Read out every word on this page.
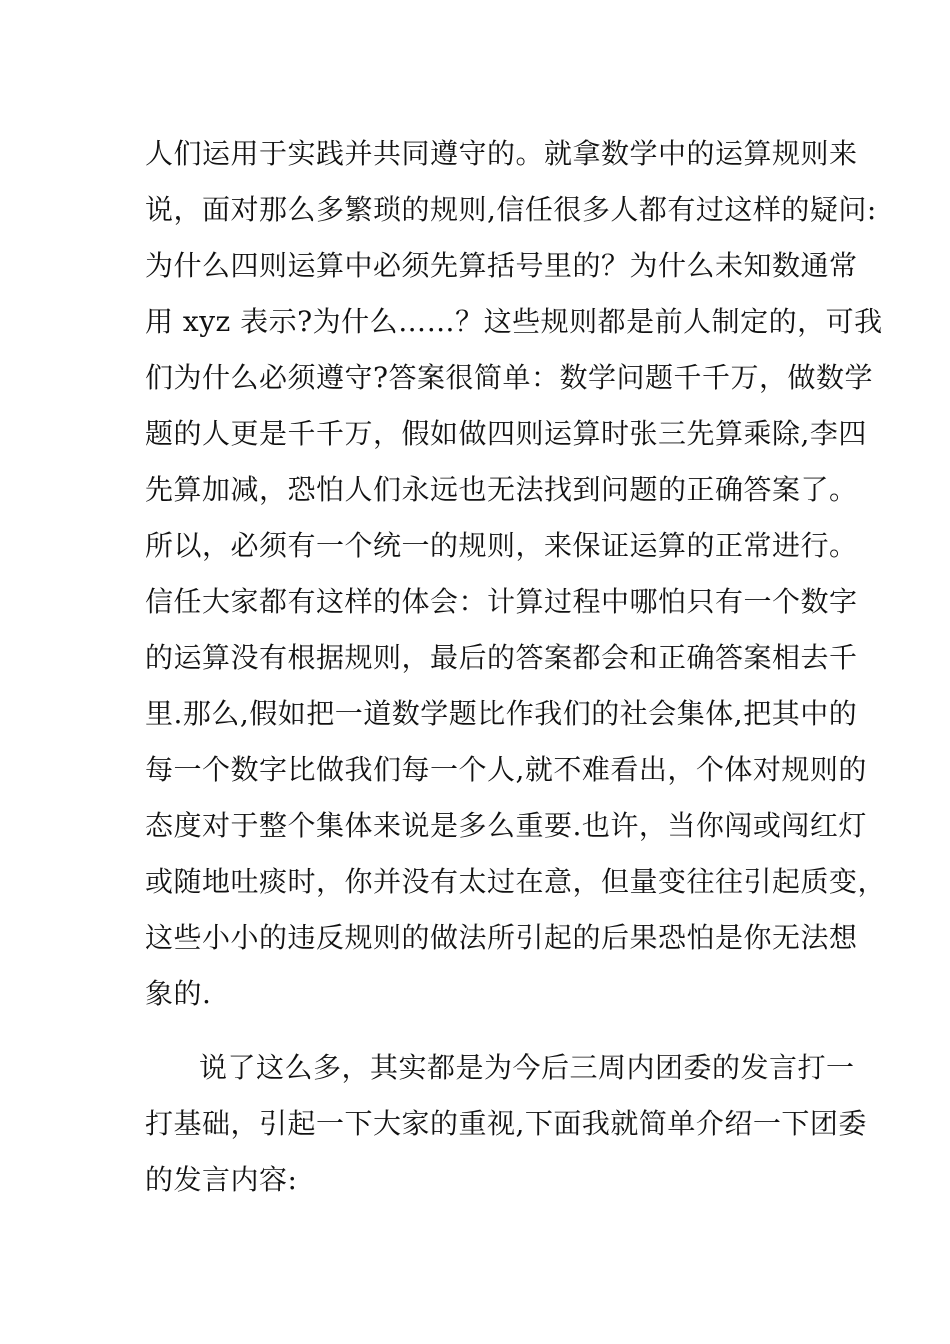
人们运用于实践并共同遵守的。就拿数学中的运算规则来
说，面对那么多繁琐的规则,信任很多人都有过这样的疑问:
为什么四则运算中必须先算括号里的？为什么未知数通常
用 xyz 表示?为什么……？这些规则都是前人制定的，可我
们为什么必须遵守?答案很简单：数学问题千千万，做数学
题的人更是千千万，假如做四则运算时张三先算乘除,李四
先算加减，恐怕人们永远也无法找到问题的正确答案了。
所以，必须有一个统一的规则，来保证运算的正常进行。
信任大家都有这样的体会：计算过程中哪怕只有一个数字
的运算没有根据规则，最后的答案都会和正确答案相去千
里.那么,假如把一道数学题比作我们的社会集体,把其中的
每一个数字比做我们每一个人,就不难看出，个体对规则的
态度对于整个集体来说是多么重要.也许，当你闯或闯红灯
或随地吐痰时，你并没有太过在意，但量变往往引起质变，
这些小小的违反规则的做法所引起的后果恐怕是你无法想
象的.
说了这么多，其实都是为今后三周内团委的发言打一
打基础，引起一下大家的重视,下面我就简单介绍一下团委
的发言内容:
